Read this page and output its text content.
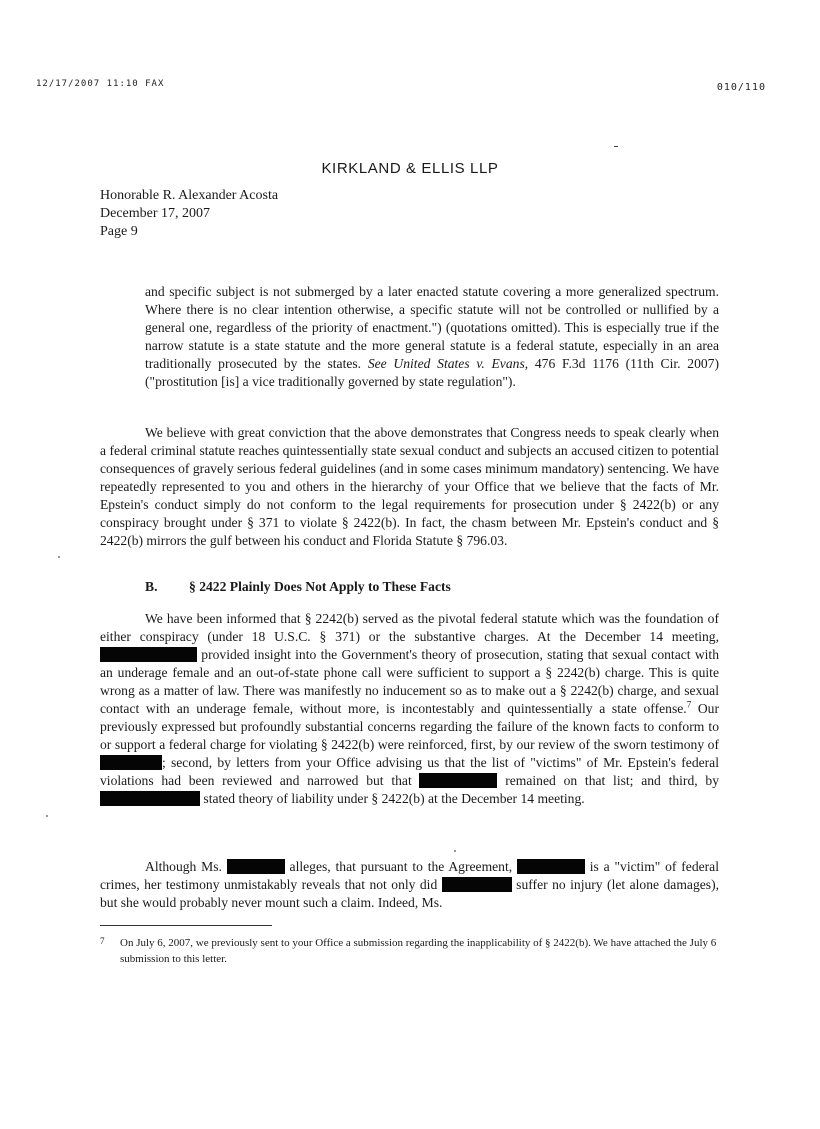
12/17/2007 11:10 FAX	010/110
KIRKLAND & ELLIS LLP
Honorable R. Alexander Acosta
December 17, 2007
Page 9
and specific subject is not submerged by a later enacted statute covering a more generalized spectrum. Where there is no clear intention otherwise, a specific statute will not be controlled or nullified by a general one, regardless of the priority of enactment.") (quotations omitted). This is especially true if the narrow statute is a state statute and the more general statute is a federal statute, especially in an area traditionally prosecuted by the states. See United States v. Evans, 476 F.3d 1176 (11th Cir. 2007) ("prostitution [is] a vice traditionally governed by state regulation").
We believe with great conviction that the above demonstrates that Congress needs to speak clearly when a federal criminal statute reaches quintessentially state sexual conduct and subjects an accused citizen to potential consequences of gravely serious federal guidelines (and in some cases minimum mandatory) sentencing. We have repeatedly represented to you and others in the hierarchy of your Office that we believe that the facts of Mr. Epstein's conduct simply do not conform to the legal requirements for prosecution under § 2422(b) or any conspiracy brought under § 371 to violate § 2422(b). In fact, the chasm between Mr. Epstein's conduct and § 2422(b) mirrors the gulf between his conduct and Florida Statute § 796.03.
B. § 2422 Plainly Does Not Apply to These Facts
We have been informed that § 2242(b) served as the pivotal federal statute which was the foundation of either conspiracy (under 18 U.S.C. § 371) or the substantive charges. At the December 14 meeting,  provided insight into the Government's theory of prosecution, stating that sexual contact with an underage female and an out-of-state phone call were sufficient to support a § 2242(b) charge. This is quite wrong as a matter of law. There was manifestly no inducement so as to make out a § 2242(b) charge, and sexual contact with an underage female, without more, is incontestably and quintessentially a state offense.$^7$ Our previously expressed but profoundly substantial concerns regarding the failure of the known facts to conform to or support a federal charge for violating § 2422(b) were reinforced, first, by our review of the sworn testimony of ; second, by letters from your Office advising us that the list of "victims" of Mr. Epstein's federal violations had been reviewed and narrowed but that	remained on that list; and third, by  stated theory of liability under § 2422(b) at the December 14 meeting.
Although Ms.	alleges, that pursuant to the Agreement,	is a "victim" of federal crimes, her testimony unmistakably reveals that not only did	suffer no injury (let alone damages), but she would probably never mount such a claim. Indeed, Ms.
7 On July 6, 2007, we previously sent to your Office a submission regarding the inapplicability of § 2422(b). We have attached the July 6 submission to this letter.
